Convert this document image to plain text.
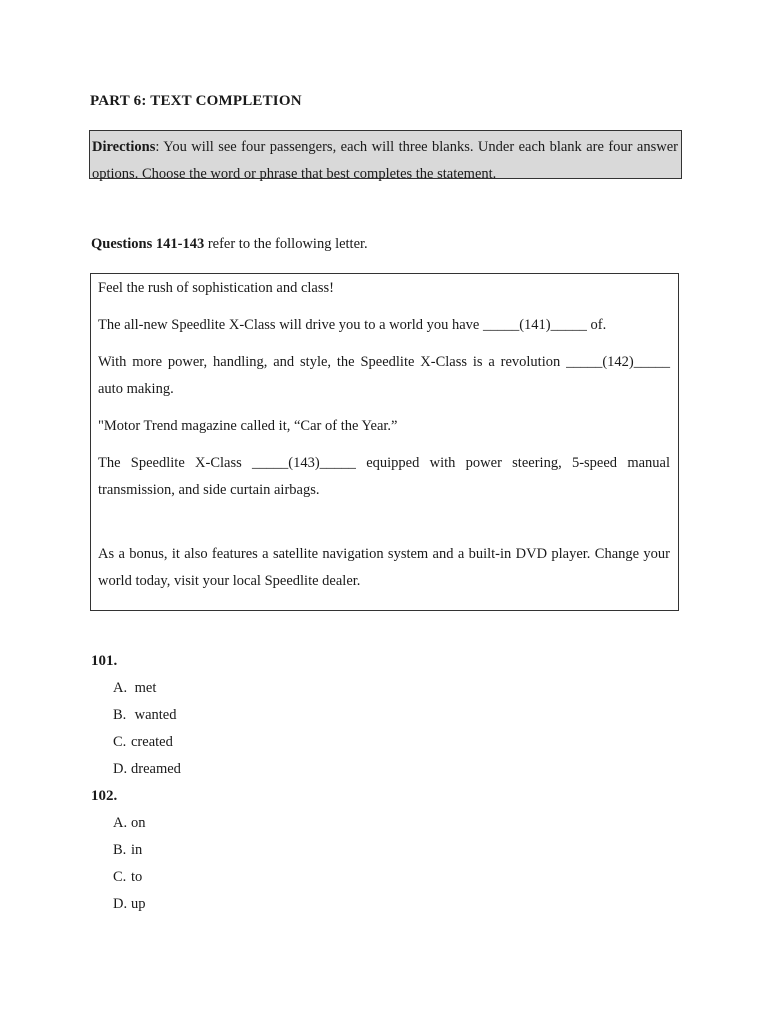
PART 6: TEXT COMPLETION
Directions: You will see four passengers, each will three blanks. Under each blank are four answer options. Choose the word or phrase that best completes the statement.
Questions 141-143 refer to the following letter.

Feel the rush of sophistication and class!

The all-new Speedlite X-Class will drive you to a world you have _____(141)_____ of.

With more power, handling, and style, the Speedlite X-Class is a revolution _____(142)_____ auto making.

"Motor Trend magazine called it, “Car of the Year.”

The Speedlite X-Class _____(143)_____ equipped with power steering, 5-speed manual transmission, and side curtain airbags.

As a bonus, it also features a satellite navigation system and a built-in DVD player. Change your world today, visit your local Speedlite dealer.

101.
A. met
B. wanted
C. created
D. dreamed
102.
A. on
B. in
C. to
D. up
